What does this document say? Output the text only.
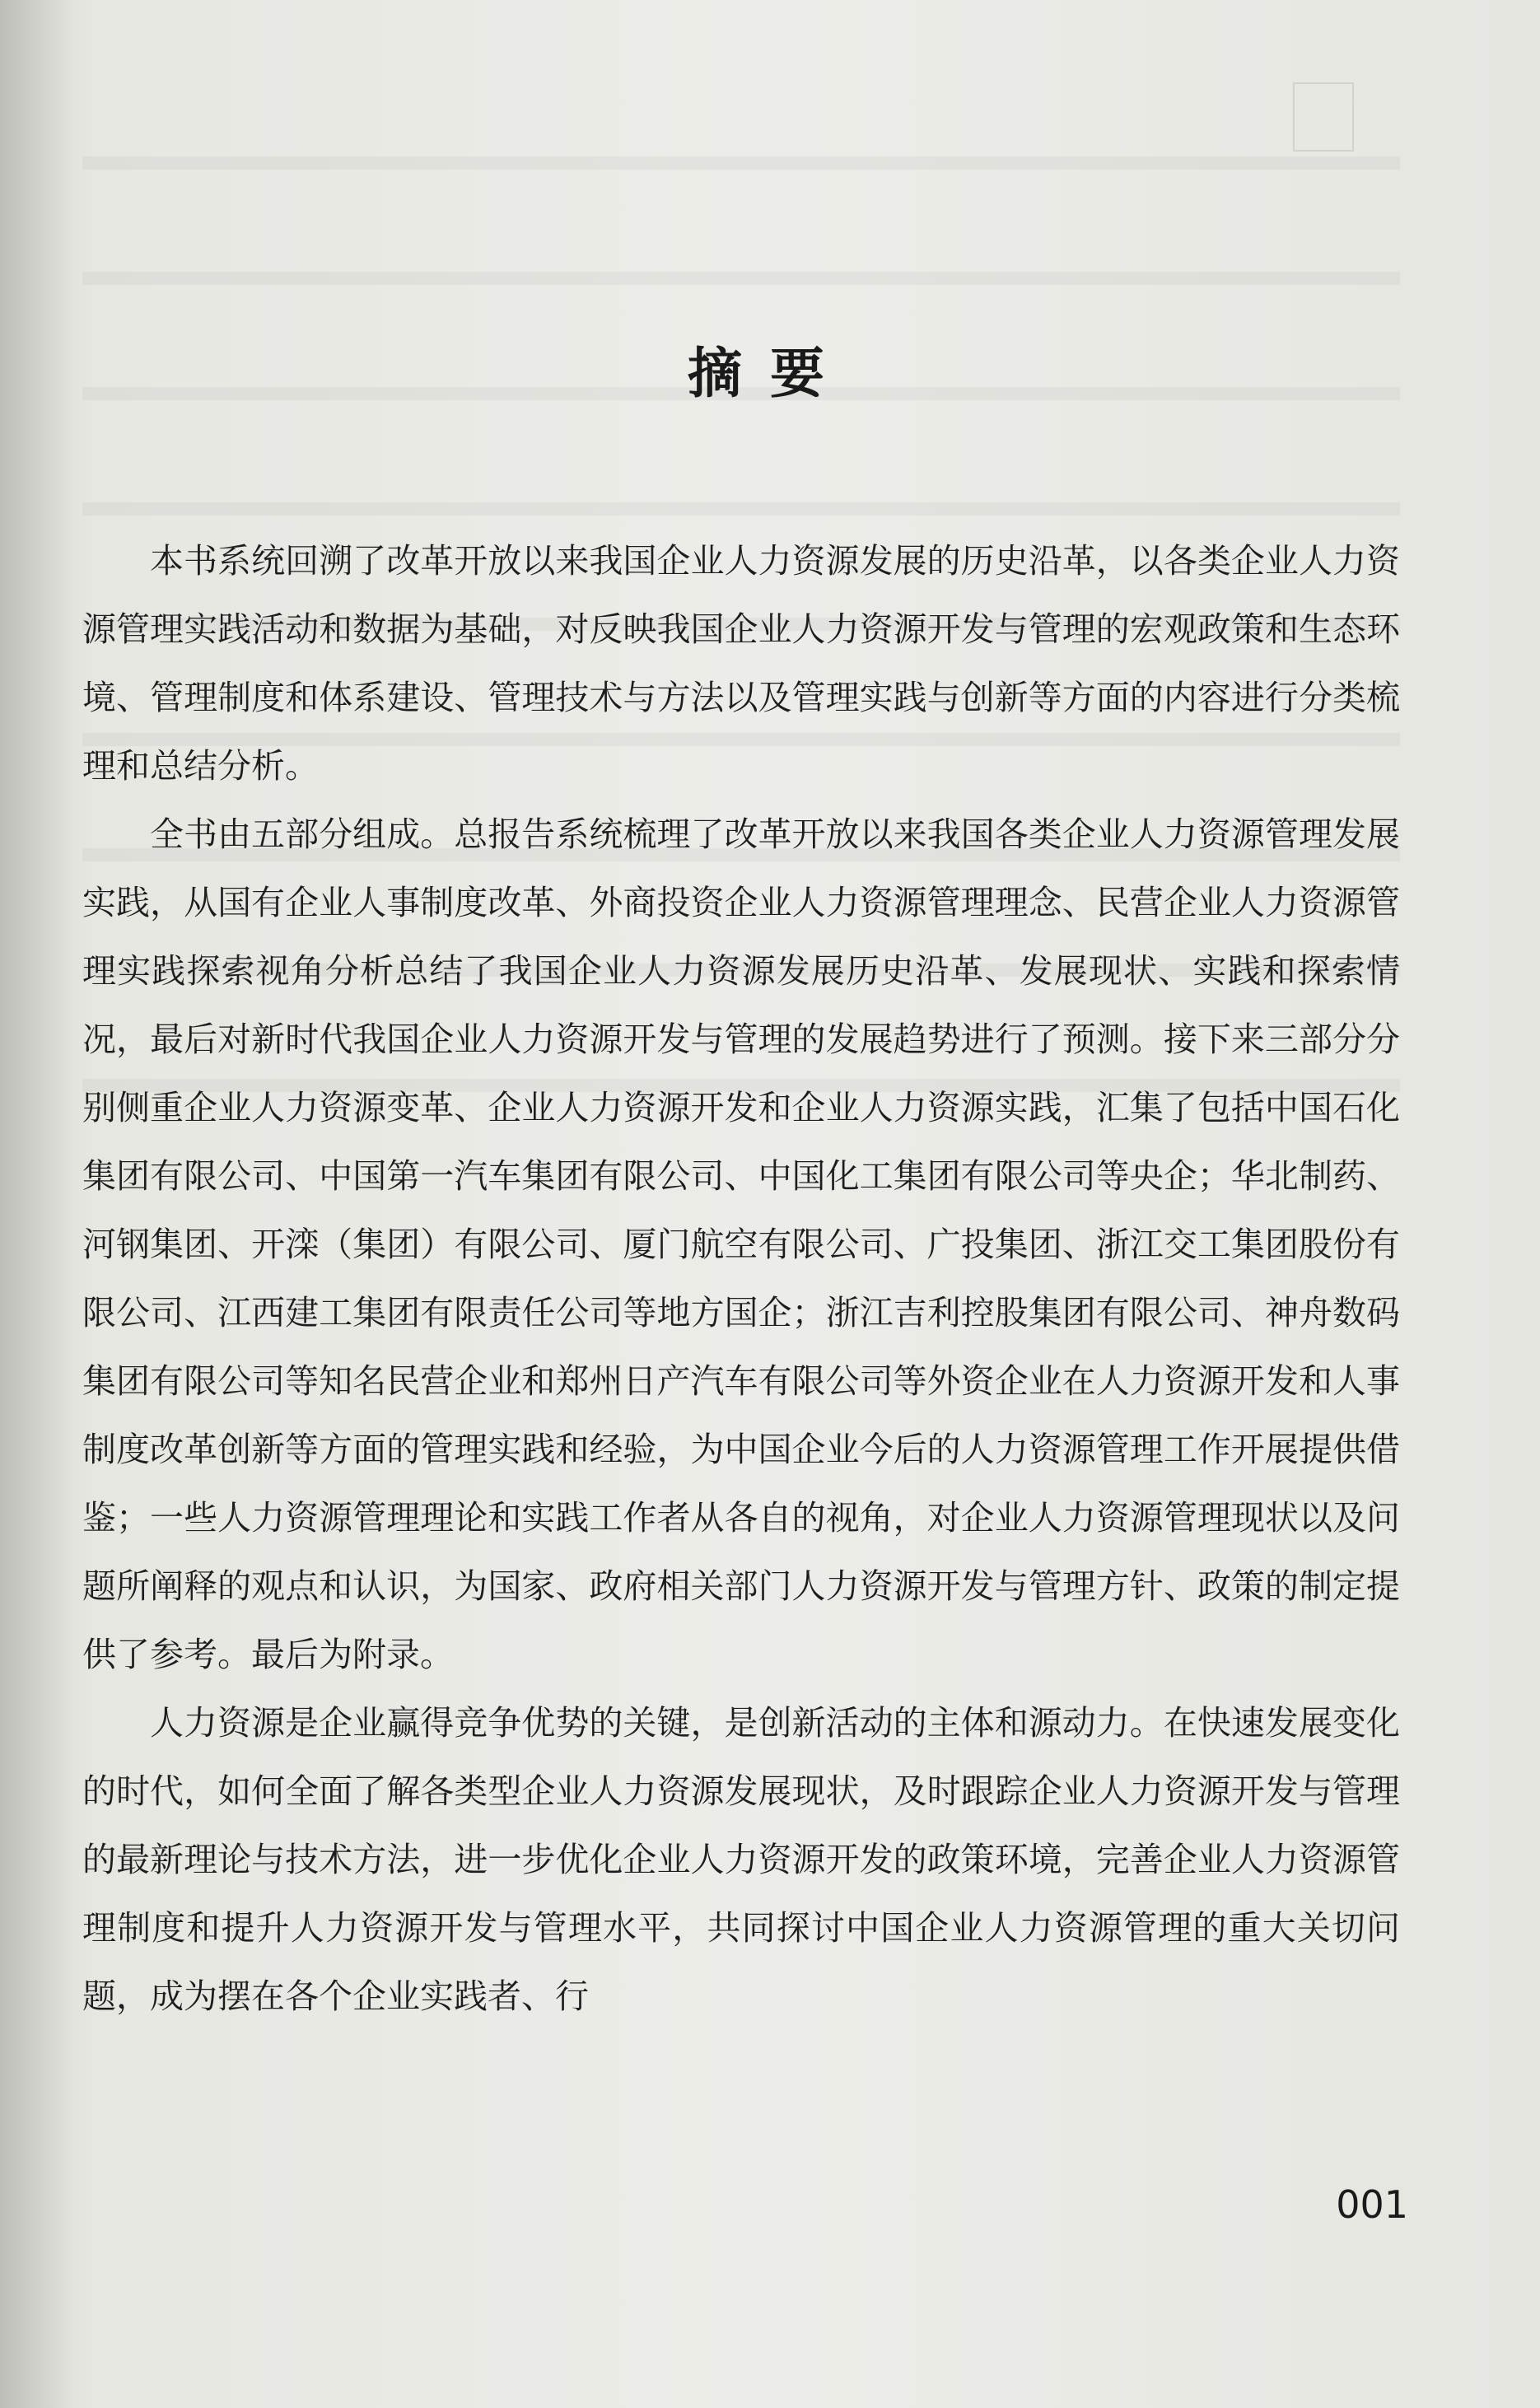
摘要

本书系统回溯了改革开放以来我国企业人力资源发展的历史沿革，以各类企业人力资源管理实践活动和数据为基础，对反映我国企业人力资源开发与管理的宏观政策和生态环境、管理制度和体系建设、管理技术与方法以及管理实践与创新等方面的内容进行分类梳理和总结分析。

全书由五部分组成。总报告系统梳理了改革开放以来我国各类企业人力资源管理发展实践，从国有企业人事制度改革、外商投资企业人力资源管理理念、民营企业人力资源管理实践探索视角分析总结了我国企业人力资源发展历史沿革、发展现状、实践和探索情况，最后对新时代我国企业人力资源开发与管理的发展趋势进行了预测。接下来三部分分别侧重企业人力资源变革、企业人力资源开发和企业人力资源实践，汇集了包括中国石化集团有限公司、中国第一汽车集团有限公司、中国化工集团有限公司等央企；华北制药、河钢集团、开滦（集团）有限公司、厦门航空有限公司、广投集团、浙江交工集团股份有限公司、江西建工集团有限责任公司等地方国企；浙江吉利控股集团有限公司、神舟数码集团有限公司等知名民营企业和郑州日产汽车有限公司等外资企业在人力资源开发和人事制度改革创新等方面的管理实践和经验，为中国企业今后的人力资源管理工作开展提供借鉴；一些人力资源管理理论和实践工作者从各自的视角，对企业人力资源管理现状以及问题所阐释的观点和认识，为国家、政府相关部门人力资源开发与管理方针、政策的制定提供了参考。最后为附录。

人力资源是企业赢得竞争优势的关键，是创新活动的主体和源动力。在快速发展变化的时代，如何全面了解各类型企业人力资源发展现状，及时跟踪企业人力资源开发与管理的最新理论与技术方法，进一步优化企业人力资源开发的政策环境，完善企业人力资源管理制度和提升人力资源开发与管理水平，共同探讨中国企业人力资源管理的重大关切问题，成为摆在各个企业实践者、行

001
